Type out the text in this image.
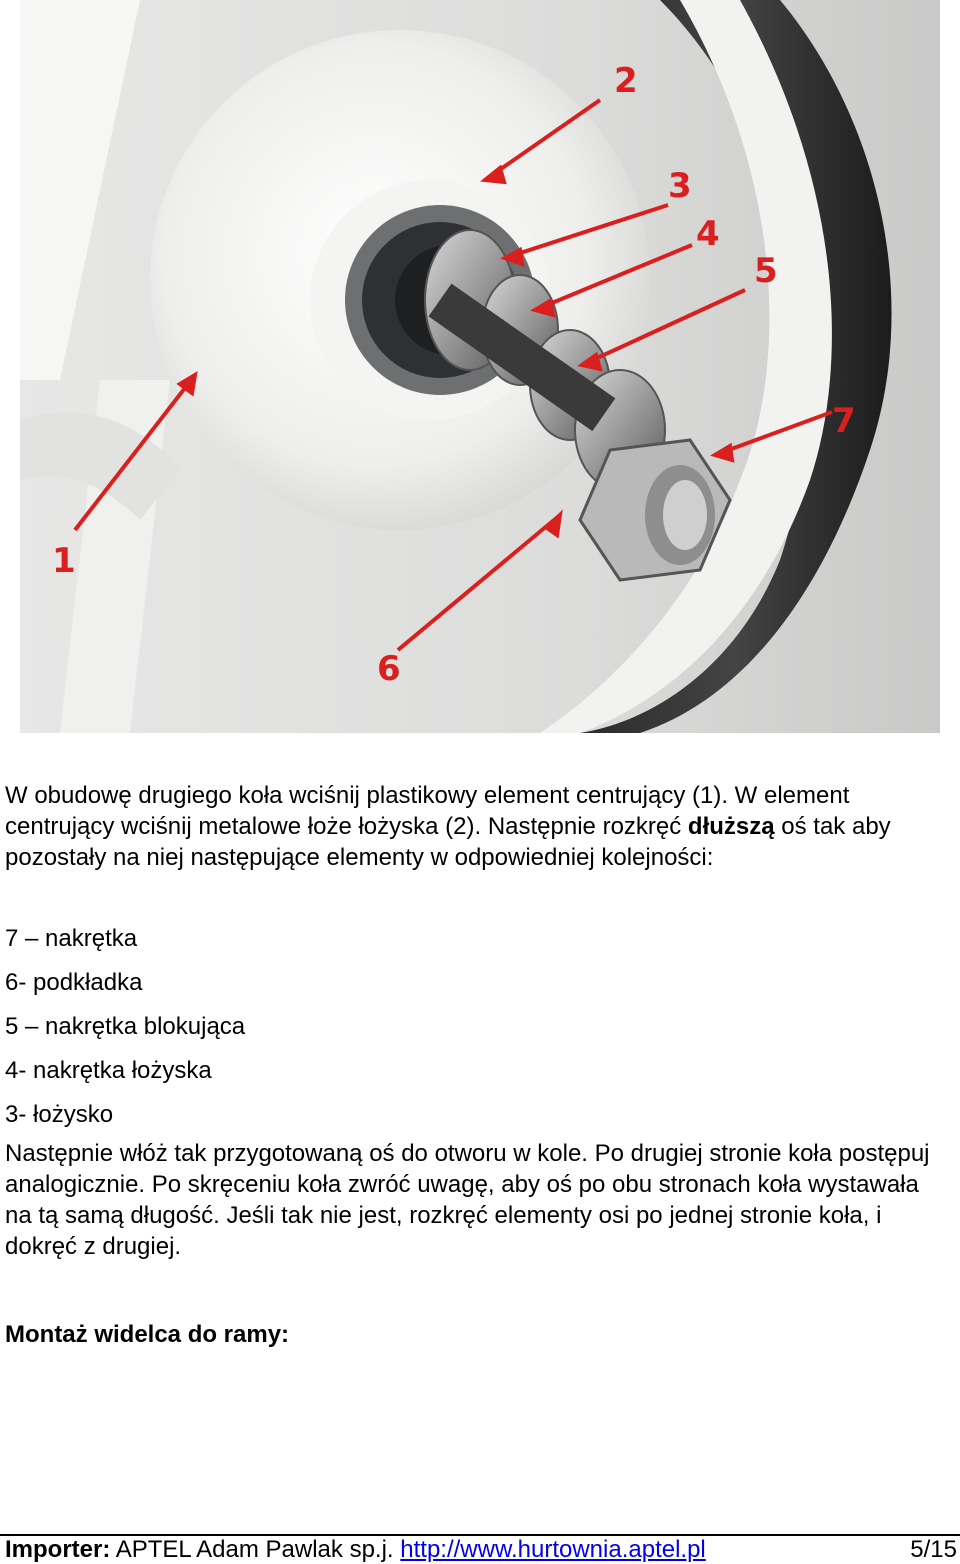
1
2
3
4
5
6
7
W obudowę drugiego koła wciśnij plastikowy element centrujący (1). W element centrujący wciśnij metalowe łoże łożyska (2). Następnie rozkręć dłuższą oś tak aby pozostały na niej następujące elementy w odpowiedniej kolejności:
7 – nakrętka
6- podkładka
5 – nakrętka blokująca
4- nakrętka łożyska
3- łożysko
Następnie włóż tak przygotowaną oś do otworu w kole. Po drugiej stronie koła postępuj analogicznie. Po skręceniu koła zwróć uwagę, aby oś po obu stronach koła wystawała na tą samą długość. Jeśli tak nie jest, rozkręć elementy osi po jednej stronie koła, i dokręć z drugiej.
Montaż widelca do ramy:
Importer: APTEL Adam Pawlak sp.j. http://www.hurtownia.aptel.pl	5/15
